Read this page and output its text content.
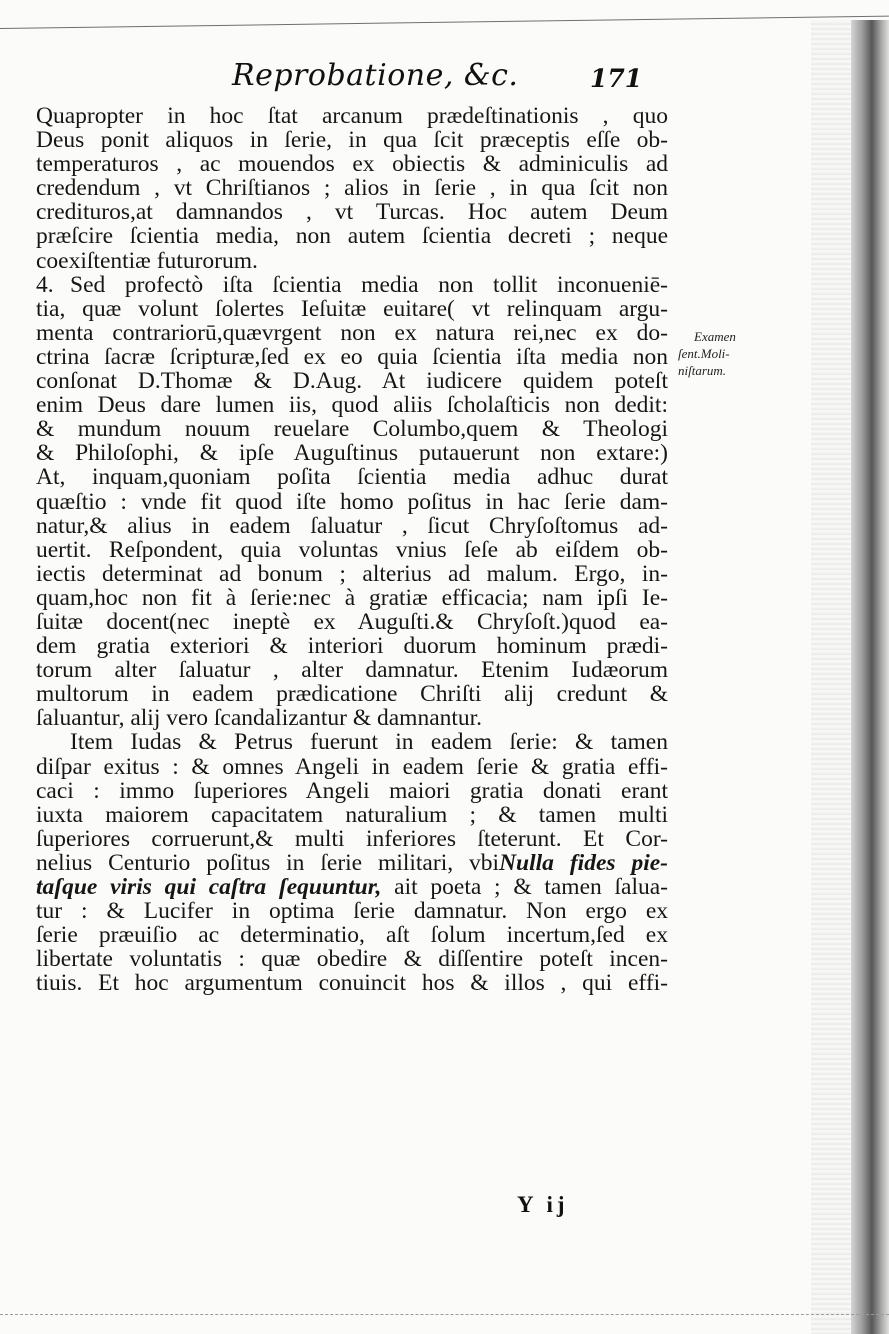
Reprobatione, &c.	171
Quapropter in hoc ſtat arcanum prædeſtinationis , quo
Deus ponit aliquos in ſerie, in qua ſcit præceptis eſſe ob-
temperaturos , ac mouendos ex obiectis & adminiculis ad
credendum , vt Chriſtianos ; alios in ſerie , in qua ſcit non
credituros,at damnandos , vt Turcas. Hoc autem Deum
præſcire ſcientia media, non autem ſcientia decreti ; neque
coexiſtentiæ futurorum.
4. Sed profectò iſta ſcientia media non tollit inconueniē-
tia, quæ volunt ſolertes Ieſuitæ euitare( vt relinquam argu-
menta contrariorū,quævrgent non ex natura rei,nec ex do-
ctrina ſacræ ſcripturæ,ſed ex eo quia ſcientia iſta media non
conſonat D.Thomæ & D.Aug. At iudicere quidem poteſt
enim Deus dare lumen iis, quod aliis ſcholaſticis non dedit:
& mundum nouum reuelare Columbo,quem & Theologi
& Philoſophi, & ipſe Auguſtinus putauerunt non extare:)
At, inquam,quoniam poſita ſcientia media adhuc durat
quæſtio : vnde fit quod iſte homo poſitus in hac ſerie dam-
natur,& alius in eadem ſaluatur , ſicut Chryſoſtomus ad-
uertit. Reſpondent, quia voluntas vnius ſeſe ab eiſdem ob-
iectis determinat ad bonum ; alterius ad malum. Ergo, in-
quam,hoc non fit à ſerie:nec à gratiæ efficacia; nam ipſi Ie-
ſuitæ docent(nec ineptè ex Auguſti.& Chryſoſt.)quod ea-
dem gratia exteriori & interiori duorum hominum prædi-
torum alter ſaluatur , alter damnatur. Etenim Iudæorum
multorum in eadem prædicatione Chriſti alij credunt &
ſaluantur, alij vero ſcandalizantur & damnantur.
Item Iudas & Petrus fuerunt in eadem ſerie: & tamen
diſpar exitus : & omnes Angeli in eadem ſerie & gratia effi-
caci : immo ſuperiores Angeli maiori gratia donati erant
iuxta maiorem capacitatem naturalium ; & tamen multi
ſuperiores corruerunt,& multi inferiores ſteterunt. Et Cor-
nelius Centurio poſitus in ſerie militari, vbiNulla fides pie-
taſque viris qui caſtra ſequuntur, ait poeta ; & tamen ſalua-
tur : & Lucifer in optima ſerie damnatur. Non ergo ex
ſerie præuiſio ac determinatio, aſt ſolum incertum,ſed ex
libertate voluntatis : quæ obedire & diſſentire poteſt incen-
tiuis. Et hoc argumentum conuincit hos & illos , qui effi-
Examen
ſent.Moli-
niſtarum.
Y ij
